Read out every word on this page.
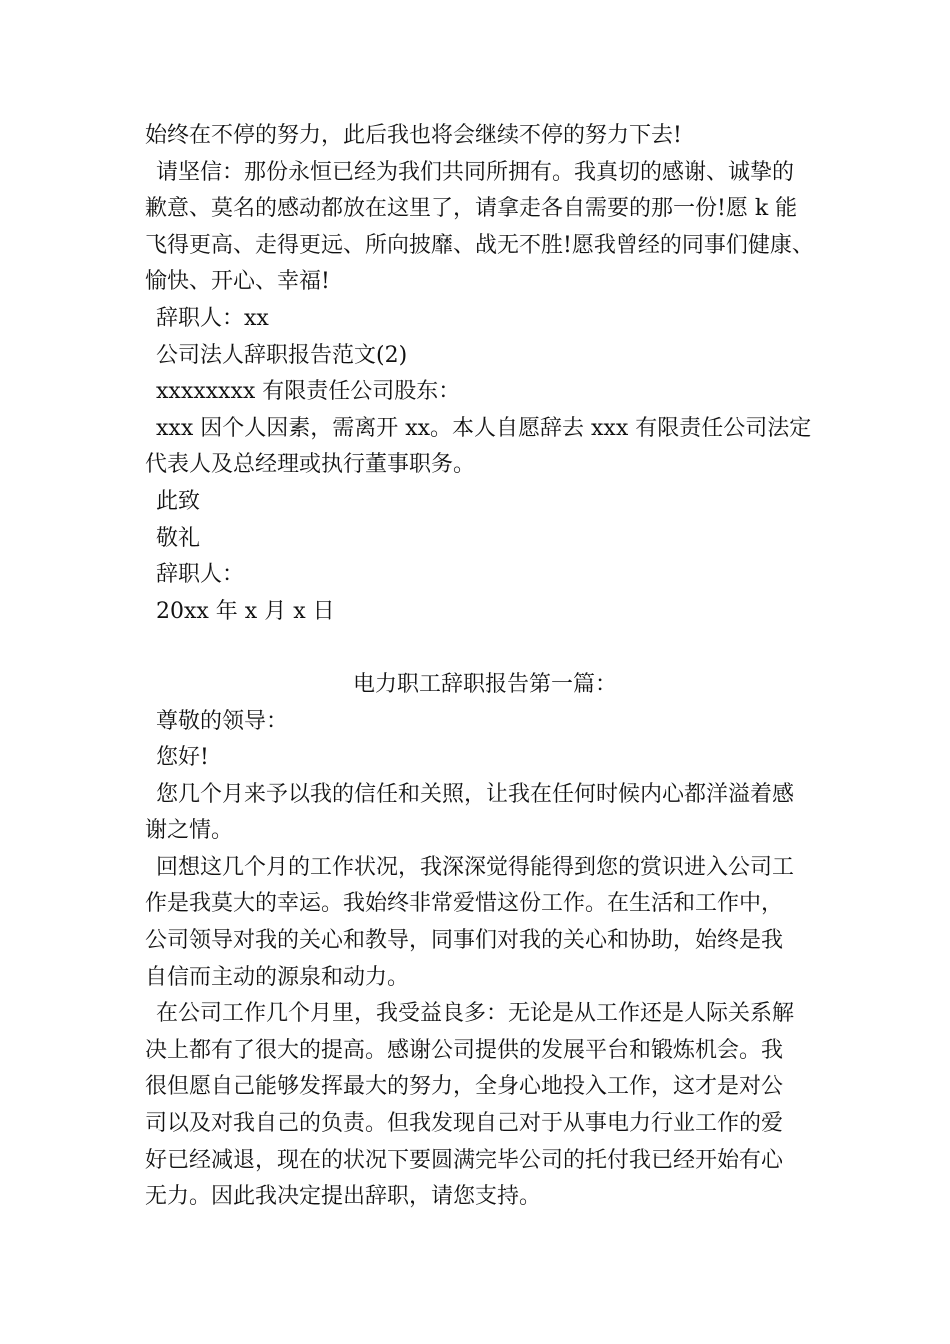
始终在不停的努力，此后我也将会继续不停的努力下去!
请坚信：那份永恒已经为我们共同所拥有。我真切的感谢、诚挚的
歉意、莫名的感动都放在这里了，请拿走各自需要的那一份!愿 k 能
飞得更高、走得更远、所向披靡、战无不胜!愿我曾经的同事们健康、
愉快、开心、幸福!
辞职人：xx
公司法人辞职报告范文(2)
xxxxxxxx 有限责任公司股东：
xxx 因个人因素，需离开 xx。本人自愿辞去 xxx 有限责任公司法定
代表人及总经理或执行董事职务。
此致
敬礼
辞职人：
20xx 年 x 月 x 日
电力职工辞职报告第一篇：
尊敬的领导：
您好!
您几个月来予以我的信任和关照，让我在任何时候内心都洋溢着感
谢之情。
回想这几个月的工作状况，我深深觉得能得到您的赏识进入公司工
作是我莫大的幸运。我始终非常爱惜这份工作。在生活和工作中，
公司领导对我的关心和教导，同事们对我的关心和协助，始终是我
自信而主动的源泉和动力。
在公司工作几个月里，我受益良多：无论是从工作还是人际关系解
决上都有了很大的提高。感谢公司提供的发展平台和锻炼机会。我
很但愿自己能够发挥最大的努力，全身心地投入工作，这才是对公
司以及对我自己的负责。但我发现自己对于从事电力行业工作的爱
好已经减退，现在的状况下要圆满完毕公司的托付我已经开始有心
无力。因此我决定提出辞职，请您支持。
